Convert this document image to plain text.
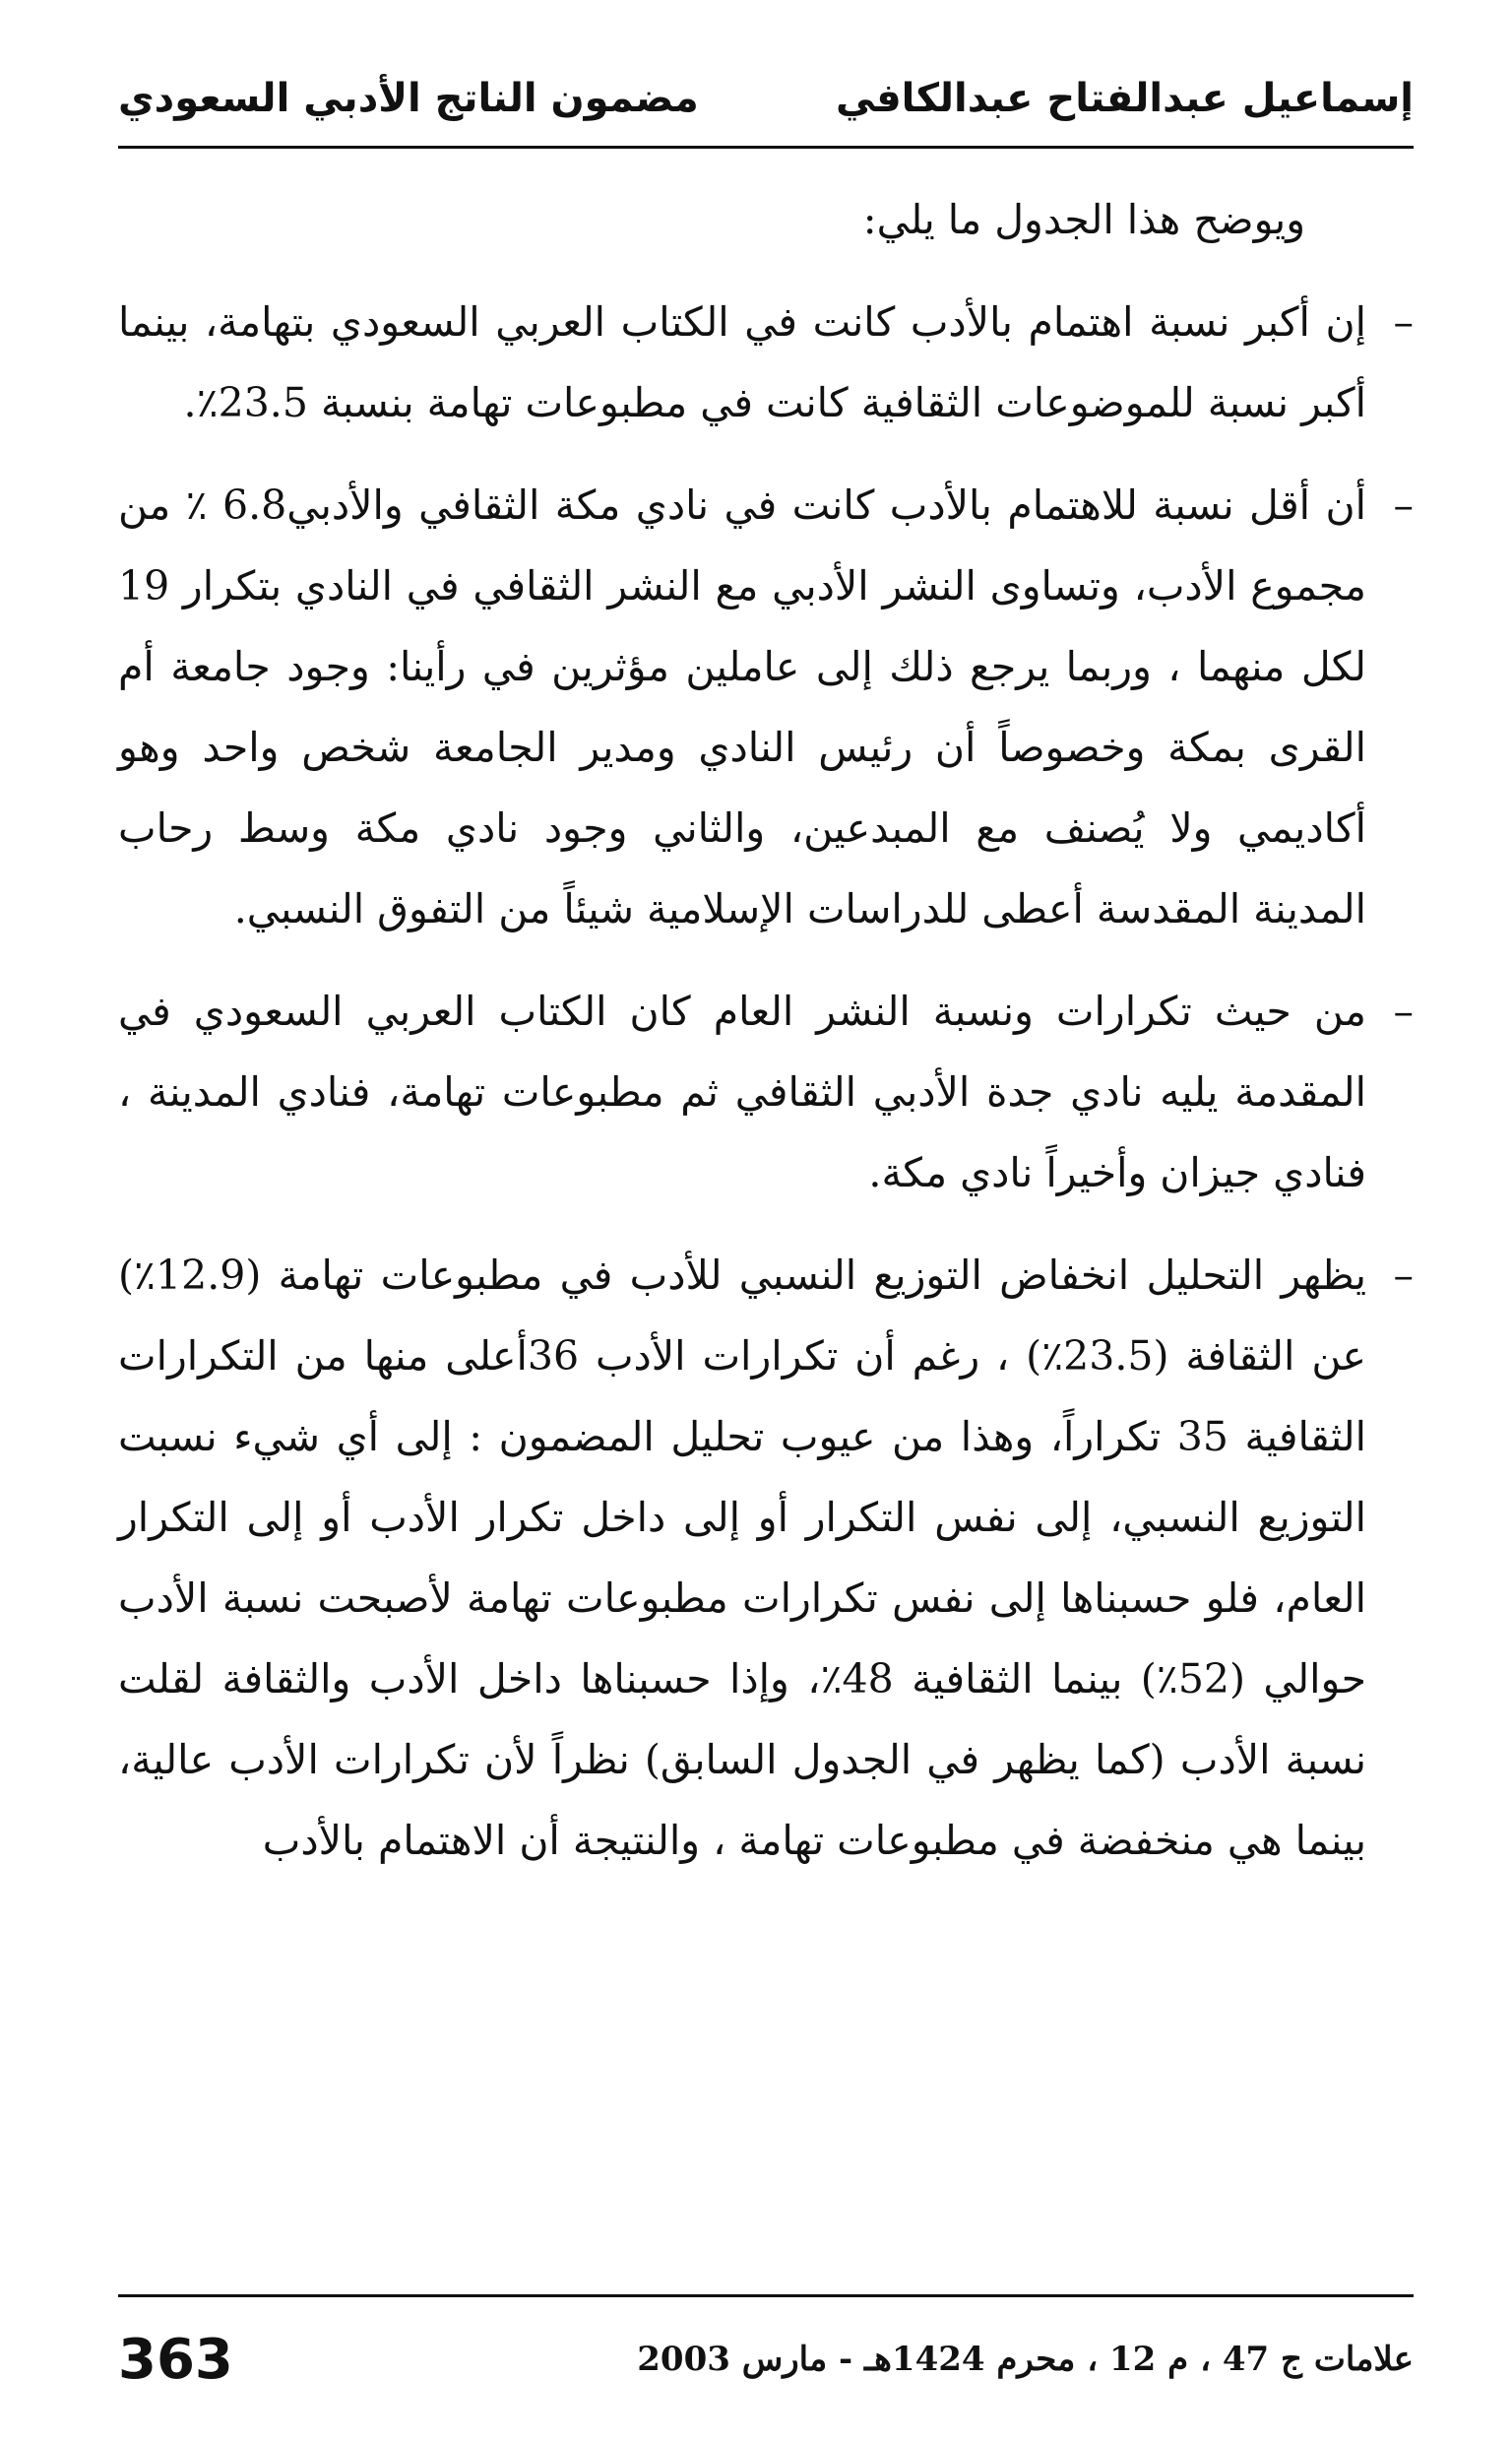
مضمون الناتج الأدبي السعودي	إسماعيل عبدالفتاح عبدالكافي

ويوضح هذا الجدول ما يلي:

–
إن أكبر نسبة اهتمام بالأدب كانت في الكتاب العربي السعودي بتهامة، بينما أكبر نسبة للموضوعات الثقافية كانت في مطبوعات تهامة بنسبة 23.5٪.

–
أن أقل نسبة للاهتمام بالأدب كانت في نادي مكة الثقافي والأدبي6.8 ٪ من مجموع الأدب، وتساوى النشر الأدبي مع النشر الثقافي في النادي بتكرار 19 لكل منهما ، وربما يرجع ذلك إلى عاملين مؤثرين في رأينا: وجود جامعة أم القرى بمكة وخصوصاً أن رئيس النادي ومدير الجامعة شخص واحد وهو أكاديمي ولا يُصنف مع المبدعين، والثاني وجود نادي مكة وسط رحاب المدينة المقدسة أعطى للدراسات الإسلامية شيئاً من التفوق النسبي.

–
من حيث تكرارات ونسبة النشر العام كان الكتاب العربي السعودي في المقدمة يليه نادي جدة الأدبي الثقافي ثم مطبوعات تهامة، فنادي المدينة ، فنادي جيزان وأخيراً نادي مكة.

–
يظهر التحليل انخفاض التوزيع النسبي للأدب في مطبوعات تهامة (12.9٪) عن الثقافة (23.5٪) ، رغم أن تكرارات الأدب 36أعلى منها من التكرارات الثقافية 35 تكراراً، وهذا من عيوب تحليل المضمون : إلى أي شيء نسبت التوزيع النسبي، إلى نفس التكرار أو إلى داخل تكرار الأدب أو إلى التكرار العام، فلو حسبناها إلى نفس تكرارات مطبوعات تهامة لأصبحت نسبة الأدب حوالي (52٪) بينما الثقافية 48٪، وإذا حسبناها داخل الأدب والثقافة لقلت نسبة الأدب (كما يظهر في الجدول السابق) نظراً لأن تكرارات الأدب عالية، بينما هي منخفضة في مطبوعات تهامة ، والنتيجة أن الاهتمام بالأدب

363	علامات ج 47 ، م 12 ، محرم 1424هـ - مارس 2003
